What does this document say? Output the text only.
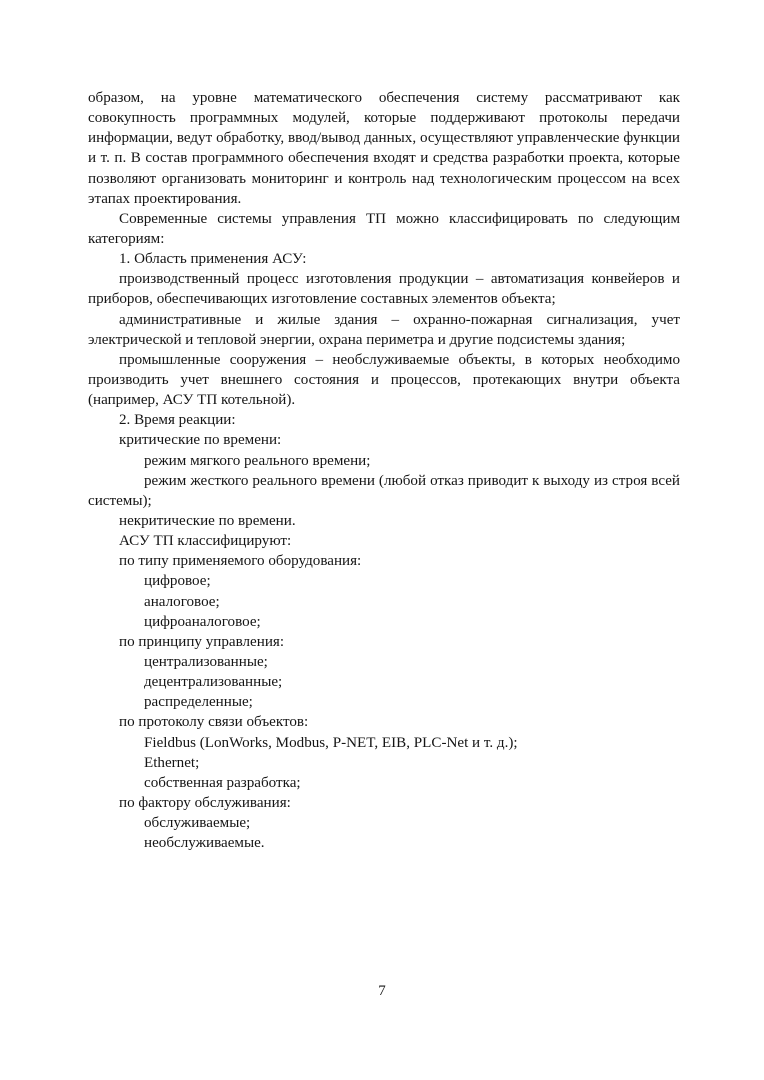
образом, на уровне математического обеспечения систему рассматривают как совокупность программных модулей, которые поддерживают протоколы передачи информации, ведут обработку, ввод/вывод данных, осуществляют управленческие функции и т. п. В состав программного обеспечения входят и средства разработки проекта, которые позволяют организовать мониторинг и контроль над технологическим процессом на всех этапах проектирования.

Современные системы управления ТП можно классифицировать по следующим категориям:

1. Область применения АСУ:

производственный процесс изготовления продукции – автоматизация конвейеров и приборов, обеспечивающих изготовление составных элементов объекта;

административные и жилые здания – охранно-пожарная сигнализация, учет электрической и тепловой энергии, охрана периметра и другие подсистемы здания;

промышленные сооружения – необслуживаемые объекты, в которых необходимо производить учет внешнего состояния и процессов, протекающих внутри объекта (например, АСУ ТП котельной).

2. Время реакции:

критические по времени:

режим мягкого реального времени;

режим жесткого реального времени (любой отказ приводит к выходу из строя всей системы);

некритические по времени.

АСУ ТП классифицируют:

по типу применяемого оборудования:

цифровое;

аналоговое;

цифроаналоговое;

по принципу управления:

централизованные;

децентрализованные;

распределенные;

по протоколу связи объектов:

Fieldbus (LonWorks, Modbus, P-NET, EIB, PLC-Net и т. д.);

Ethernet;

собственная разработка;

по фактору обслуживания:

обслуживаемые;

необслуживаемые.

7
